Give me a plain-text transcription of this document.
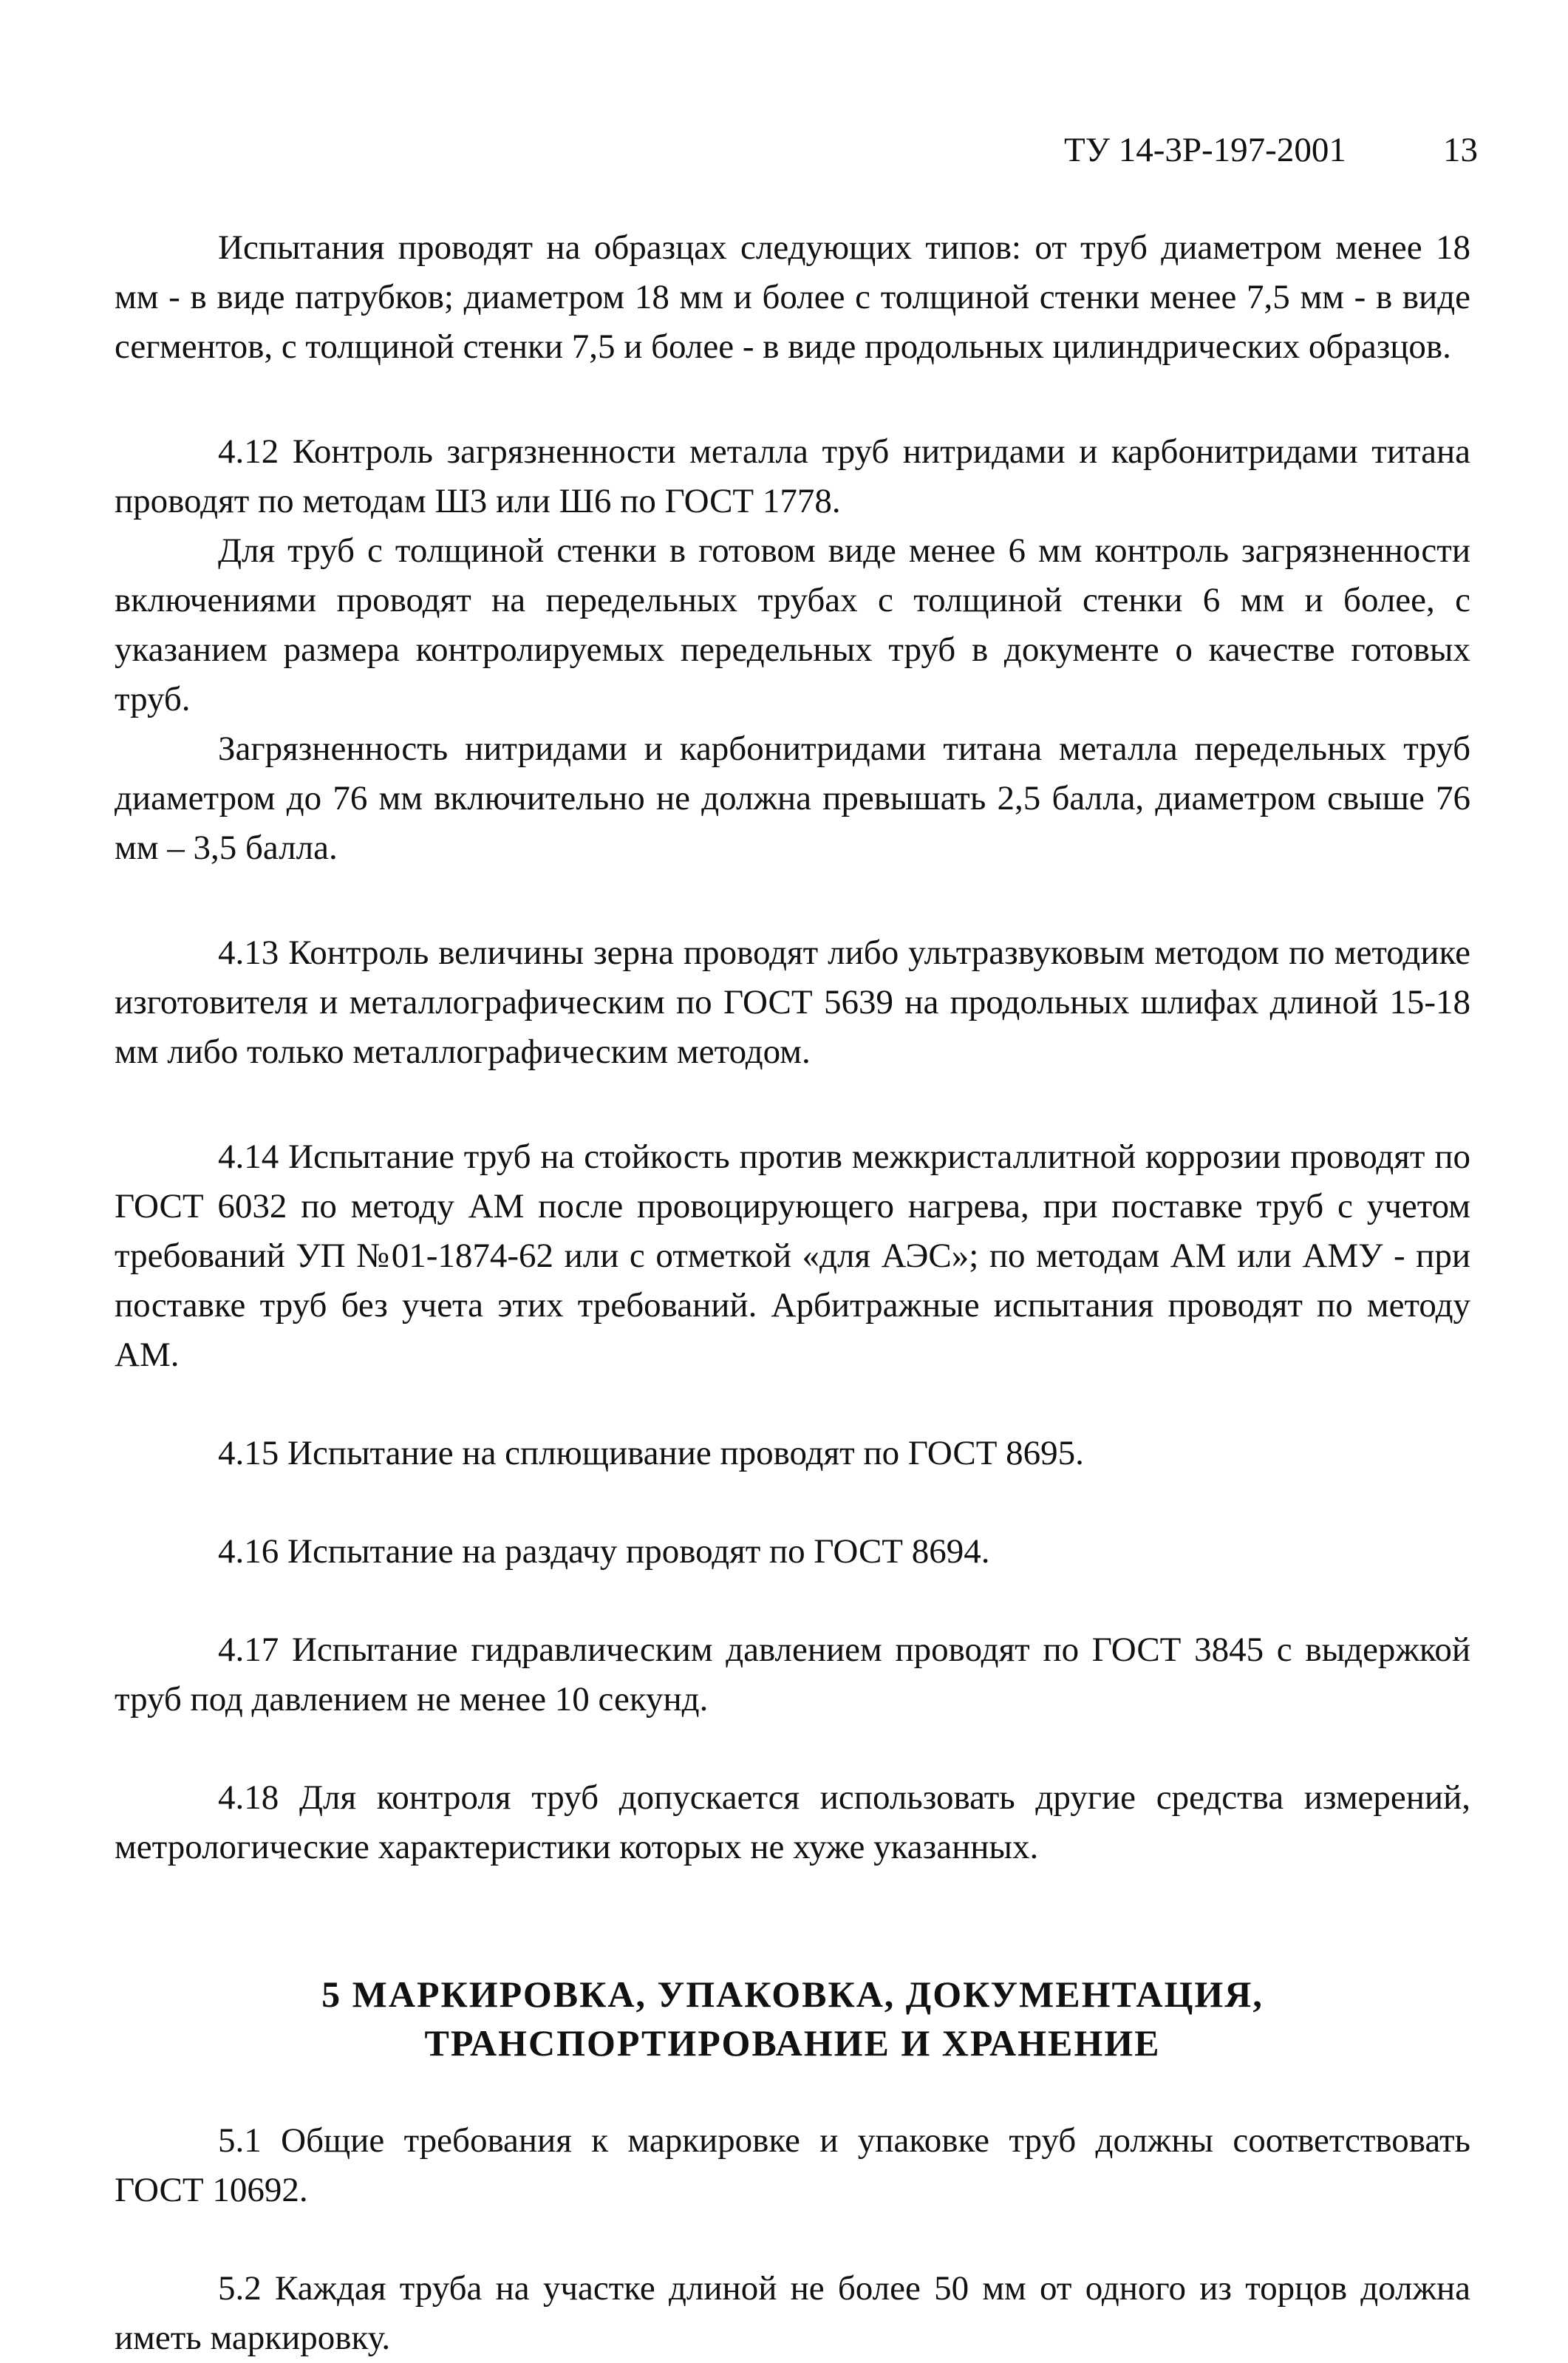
ТУ 14-3Р-197-2001	13

Испытания проводят на образцах следующих типов: от труб диаметром менее 18 мм - в виде патрубков; диаметром 18 мм и более с толщиной стенки менее 7,5 мм - в виде сегментов, с толщиной стенки 7,5 и более - в виде продольных цилиндрических образцов.

4.12 Контроль загрязненности металла труб нитридами и карбонитридами титана проводят по методам Ш3 или Ш6 по ГОСТ 1778.

Для труб с толщиной стенки в готовом виде менее 6 мм контроль загрязненности включениями проводят на передельных трубах с толщиной стенки 6 мм и более, с указанием размера контролируемых передельных труб в документе о качестве готовых труб.

Загрязненность нитридами и карбонитридами титана металла передельных труб диаметром до 76 мм включительно не должна превышать 2,5 балла, диаметром свыше 76 мм – 3,5 балла.

4.13 Контроль величины зерна проводят либо ультразвуковым методом по методике изготовителя и металлографическим по ГОСТ 5639 на продольных шлифах длиной 15-18 мм либо только металлографическим методом.

4.14 Испытание труб на стойкость против межкристаллитной коррозии проводят по ГОСТ 6032 по методу АМ после провоцирующего нагрева, при поставке труб с учетом требований УП №01-1874-62 или с отметкой «для АЭС»; по методам АМ или АМУ - при поставке труб без учета этих требований. Арбитражные испытания проводят по методу АМ.

4.15 Испытание на сплющивание проводят по ГОСТ 8695.

4.16 Испытание на раздачу проводят по ГОСТ 8694.

4.17 Испытание гидравлическим давлением проводят по ГОСТ 3845 с выдержкой труб под давлением не менее 10 секунд.

4.18 Для контроля труб допускается использовать другие средства измерений, метрологические характеристики которых не хуже указанных.

5 МАРКИРОВКА, УПАКОВКА, ДОКУМЕНТАЦИЯ,
ТРАНСПОРТИРОВАНИЕ И ХРАНЕНИЕ

5.1 Общие требования к маркировке и упаковке труб должны соответствовать ГОСТ 10692.

5.2 Каждая труба на участке длиной не более 50 мм от одного из торцов должна иметь маркировку.
